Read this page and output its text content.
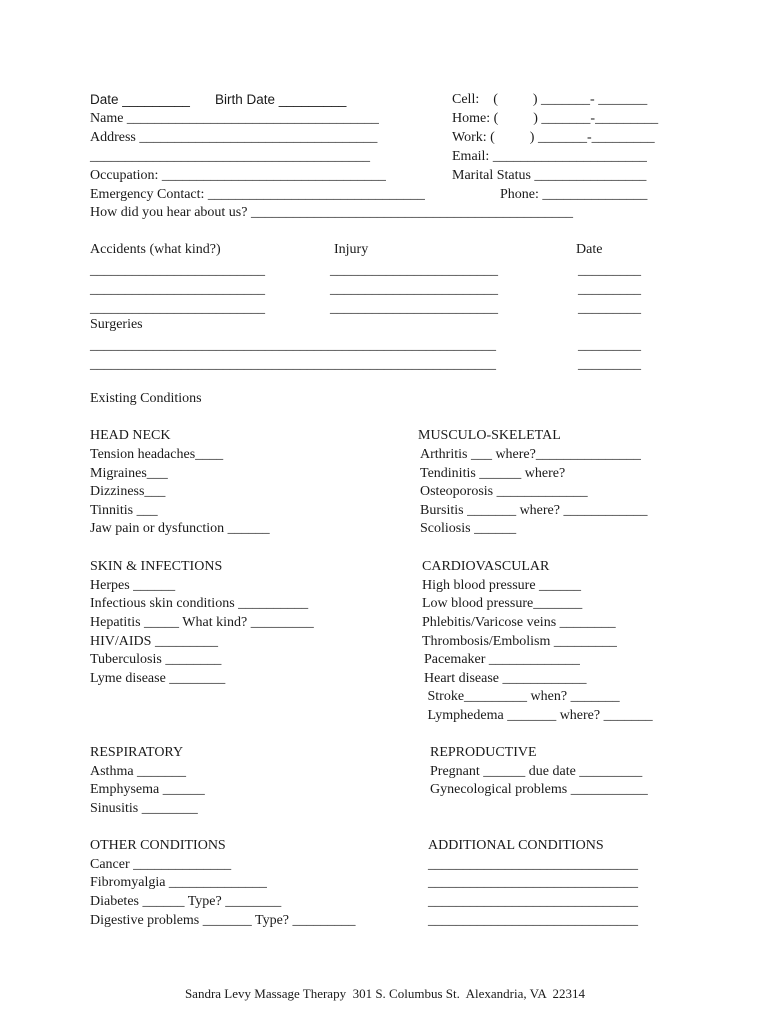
Date _________ Birth Date _________	Cell:    (          ) _______- _______
Name ____________________________________	Home: (          ) _______-_________
Address __________________________________	Work: (          ) _______-_________
________________________________________	Email: ______________________
Occupation: ________________________________	Marital Status ________________
Emergency Contact: _______________________________	Phone: _______________
How did you hear about us? ______________________________________________
Accidents (what kind?)	Injury	Date
_________________________	________________________	_________
_________________________	________________________	_________
_________________________	________________________	_________
Surgeries
__________________________________________________________	_________
__________________________________________________________	_________
Existing Conditions
HEAD NECK
Tension headaches____
Migraines___
Dizziness___
Tinnitis ___
Jaw pain or dysfunction ______
MUSCULO-SKELETAL
Arthritis ___ where?_______________
Tendinitis ______ where?
Osteoporosis _____________
Bursitis _______ where? ____________
Scoliosis ______
SKIN & INFECTIONS
Herpes ______
Infectious skin conditions __________
Hepatitis _____ What kind? _________
HIV/AIDS _________
Tuberculosis ________
Lyme disease ________
CARDIOVASCULAR
High blood pressure ______
Low blood pressure_______
Phlebitis/Varicose veins ________
Thrombosis/Embolism _________
Pacemaker _____________
Heart disease ____________
Stroke_________ when? _______
Lymphedema _______ where? _______
RESPIRATORY
Asthma _______
Emphysema ______
Sinusitis ________
REPRODUCTIVE
Pregnant ______ due date _________
Gynecological problems ___________
OTHER CONDITIONS
Cancer ______________
Fibromyalgia ______________
Diabetes ______ Type? ________
Digestive problems _______ Type? _________
ADDITIONAL CONDITIONS
______________________________
______________________________
______________________________
______________________________
Sandra Levy Massage Therapy  301 S. Columbus St.  Alexandria, VA  22314
